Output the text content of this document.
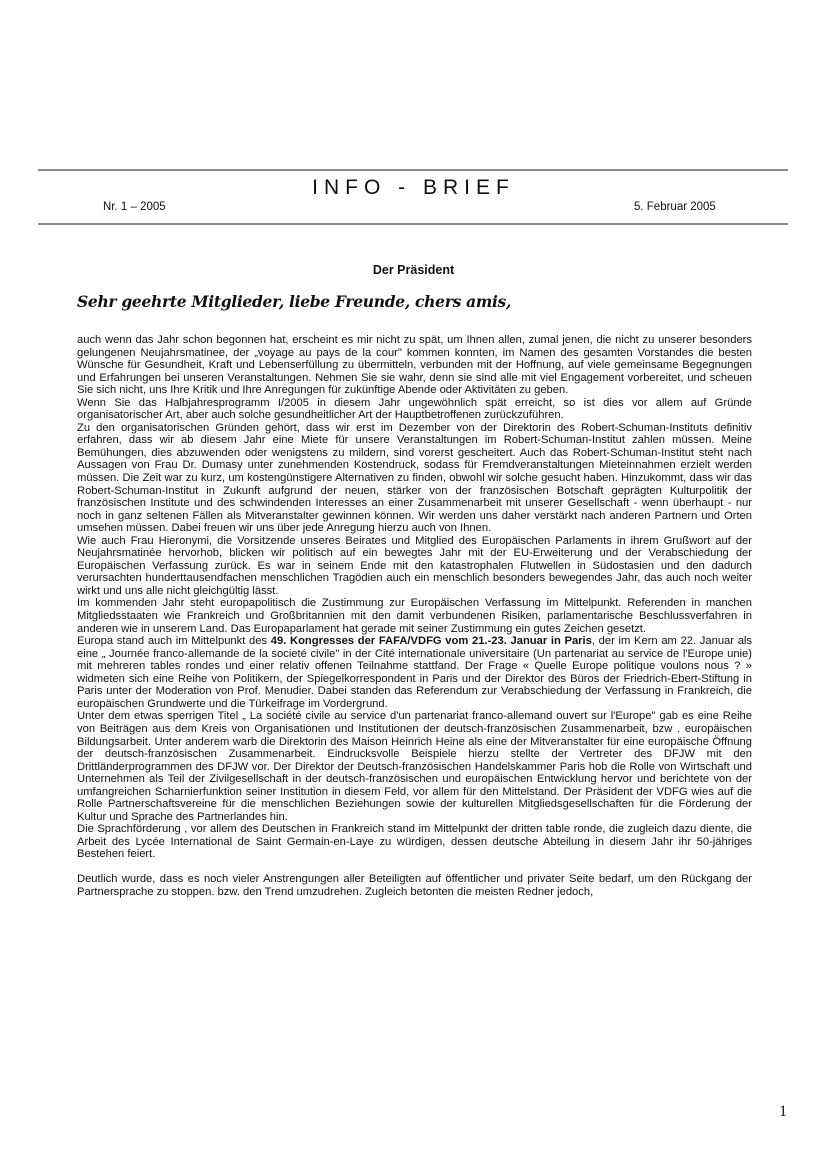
INFO - BRIEF
Nr. 1 – 2005	5. Februar 2005
Der Präsident
Sehr geehrte Mitglieder, liebe Freunde, chers amis,

auch wenn das Jahr schon begonnen hat, erscheint es mir nicht zu spät, um Ihnen allen, zumal jenen, die nicht zu unserer besonders gelungenen Neujahrsmatinee, der „voyage au pays de la cour" kommen konnten, im Namen des gesamten Vorstandes die besten Wünsche für Gesundheit, Kraft und Lebenserfüllung zu übermitteln, verbunden mit der Hoffnung, auf viele gemeinsame Begegnungen und Erfahrungen bei unseren Veranstaltungen. Nehmen Sie sie wahr, denn sie sind alle mit viel Engagement vorbereitet, und scheuen Sie sich nicht, uns Ihre Kritik und Ihre Anregungen für zukünftige Abende oder Aktivitäten zu geben.

Wenn Sie das Halbjahresprogramm I/2005 in diesem Jahr ungewöhnlich spät erreicht, so ist dies vor allem auf Gründe organisatorischer Art, aber auch solche gesundheitlicher Art der Hauptbetroffenen zurückzuführen.

Zu den organisatorischen Gründen gehört, dass wir erst im Dezember von der Direktorin des Robert-Schuman-Instituts definitiv erfahren, dass wir ab diesem Jahr eine Miete für unsere Veranstaltungen im Robert-Schuman-Institut zahlen müssen. Meine Bemühungen, dies abzuwenden oder wenigstens zu mildern, sind vorerst gescheitert. Auch das Robert-Schuman-Institut steht nach Aussagen von Frau Dr. Dumasy unter zunehmenden Kostendruck, sodass für Fremdveranstaltungen Mieteinnahmen erzielt werden müssen. Die Zeit war zu kurz, um kostengünstigere Alternativen zu finden, obwohl wir solche gesucht haben. Hinzukommt, dass wir das Robert-Schuman-Institut in Zukunft aufgrund der neuen, stärker von der französischen Botschaft geprägten Kulturpolitik der französischen Institute und des schwindenden Interesses an einer Zusammenarbeit mit unserer Gesellschaft - wenn überhaupt - nur noch in ganz seltenen Fällen als Mitveranstalter gewinnen können. Wir werden uns daher verstärkt nach anderen Partnern und Orten umsehen müssen. Dabei freuen wir uns über jede Anregung hierzu auch von Ihnen.

Wie auch Frau Hieronymi, die Vorsitzende unseres Beirates und Mitglied des Europäischen Parlaments in ihrem Grußwort auf der Neujahrsmatinée hervorhob, blicken wir politisch auf ein bewegtes Jahr mit der EU-Erweiterung und der Verabschiedung der Europäischen Verfassung zurück. Es war in seinem Ende mit den katastrophalen Flutwellen in Südostasien und den dadurch verursachten hunderttausendfachen menschlichen Tragödien auch ein menschlich besonders bewegendes Jahr, das auch noch weiter wirkt und uns alle nicht gleichgültig lässt.

Im kommenden Jahr steht europapolitisch die Zustimmung zur Europäischen Verfassung im Mittelpunkt. Referenden in manchen Mitgliedsstaaten wie Frankreich und Großbritannien mit den damit verbundenen Risiken, parlamentarische Beschlussverfahren in anderen wie in unserem Land. Das Europaparlament hat gerade mit seiner Zustimmung ein gutes Zeichen gesetzt.

Europa stand auch im Mittelpunkt des 49. Kongresses der FAFA/VDFG vom 21.-23. Januar in Paris, der im Kern am 22. Januar als eine „ Journée franco-allemande de la societé civile" in der Cité internationale universitaire (Un partenariat au service de l'Europe unie) mit mehreren tables rondes und einer relativ offenen Teilnahme stattfand. Der Frage « Quelle Europe politique voulons nous ? » widmeten sich eine Reihe von Politikern, der Spiegelkorrespondent in Paris und der Direktor des Büros der Friedrich-Ebert-Stiftung in Paris unter der Moderation von Prof. Menudier. Dabei standen das Referendum zur Verabschiedung der Verfassung in Frankreich, die europäischen Grundwerte und die Türkeifrage im Vordergrund.

Unter dem etwas sperrigen Titel „ La société civile au service d'un partenariat franco-allemand ouvert sur l'Europe" gab es eine Reihe von Beiträgen aus dem Kreis von Organisationen und Institutionen der deutsch-französischen Zusammenarbeit, bzw . europäischen Bildungsarbeit. Unter anderem warb die Direktorin des Maison Heinrich Heine als eine der Mitveranstalter für eine europäische Öffnung der deutsch-französischen Zusammenarbeit. Eindrucksvolle Beispiele hierzu stellte der Vertreter des DFJW mit den Drittländerprogrammen des DFJW vor. Der Direktor der Deutsch-französischen Handelskammer Paris hob die Rolle von Wirtschaft und Unternehmen als Teil der Zivilgesellschaft in der deutsch-französischen und europäischen Entwicklung hervor und berichtete von der umfangreichen Scharnierfunktion seiner Institution in diesem Feld, vor allem für den Mittelstand. Der Präsident der VDFG wies auf die Rolle Partnerschaftsvereine für die menschlichen Beziehungen sowie der kulturellen Mitgliedsgesellschaften für die Förderung der Kultur und Sprache des Partnerlandes hin.

Die Sprachförderung , vor allem des Deutschen in Frankreich stand im Mittelpunkt der dritten table ronde, die zugleich dazu diente, die Arbeit des Lycée International de Saint Germain-en-Laye zu würdigen, dessen deutsche Abteilung in diesem Jahr ihr 50-jähriges Bestehen feiert.

Deutlich wurde, dass es noch vieler Anstrengungen aller Beteiligten auf öffentlicher und privater Seite bedarf, um den Rückgang der Partnersprache zu stoppen. bzw. den Trend umzudrehen. Zugleich betonten die meisten Redner jedoch,

1
